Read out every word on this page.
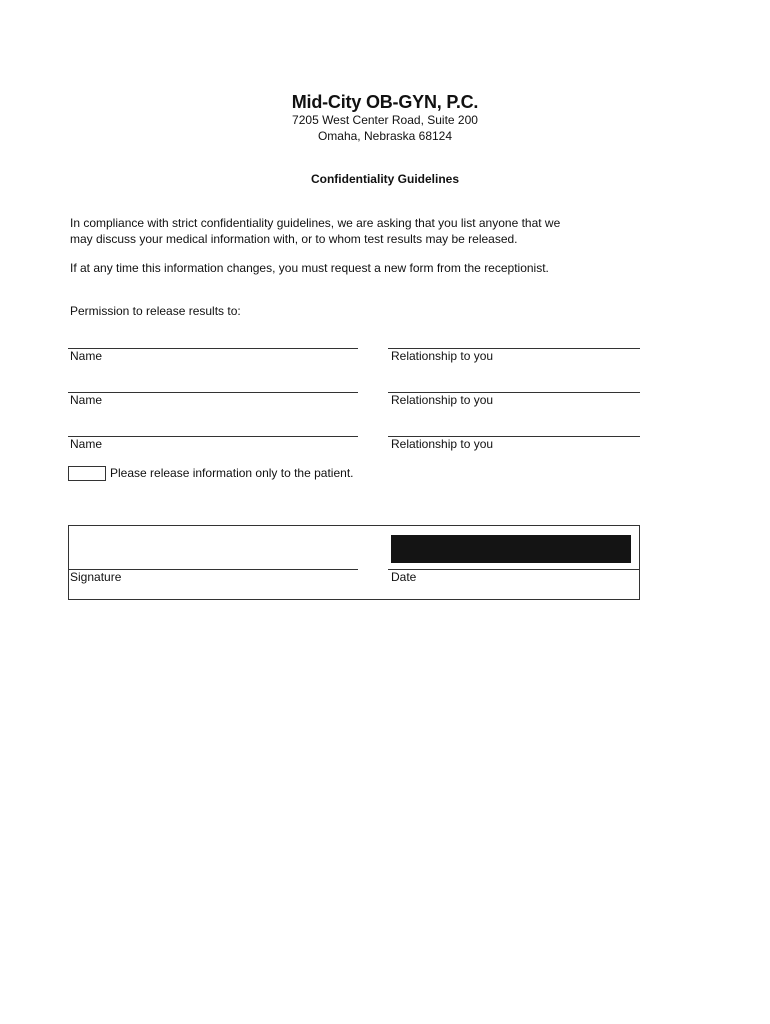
Mid-City OB-GYN, P.C.
7205 West Center Road, Suite 200
Omaha, Nebraska 68124
Confidentiality Guidelines
In compliance with strict confidentiality guidelines, we are asking that you list anyone that we
may discuss your medical information with, or to whom test results may be released.
If at any time this information changes, you must request a new form from the receptionist.
Permission to release results to:
Name	Relationship to you
Name	Relationship to you
Name	Relationship to you
Please release information only to the patient.
Signature	Date
